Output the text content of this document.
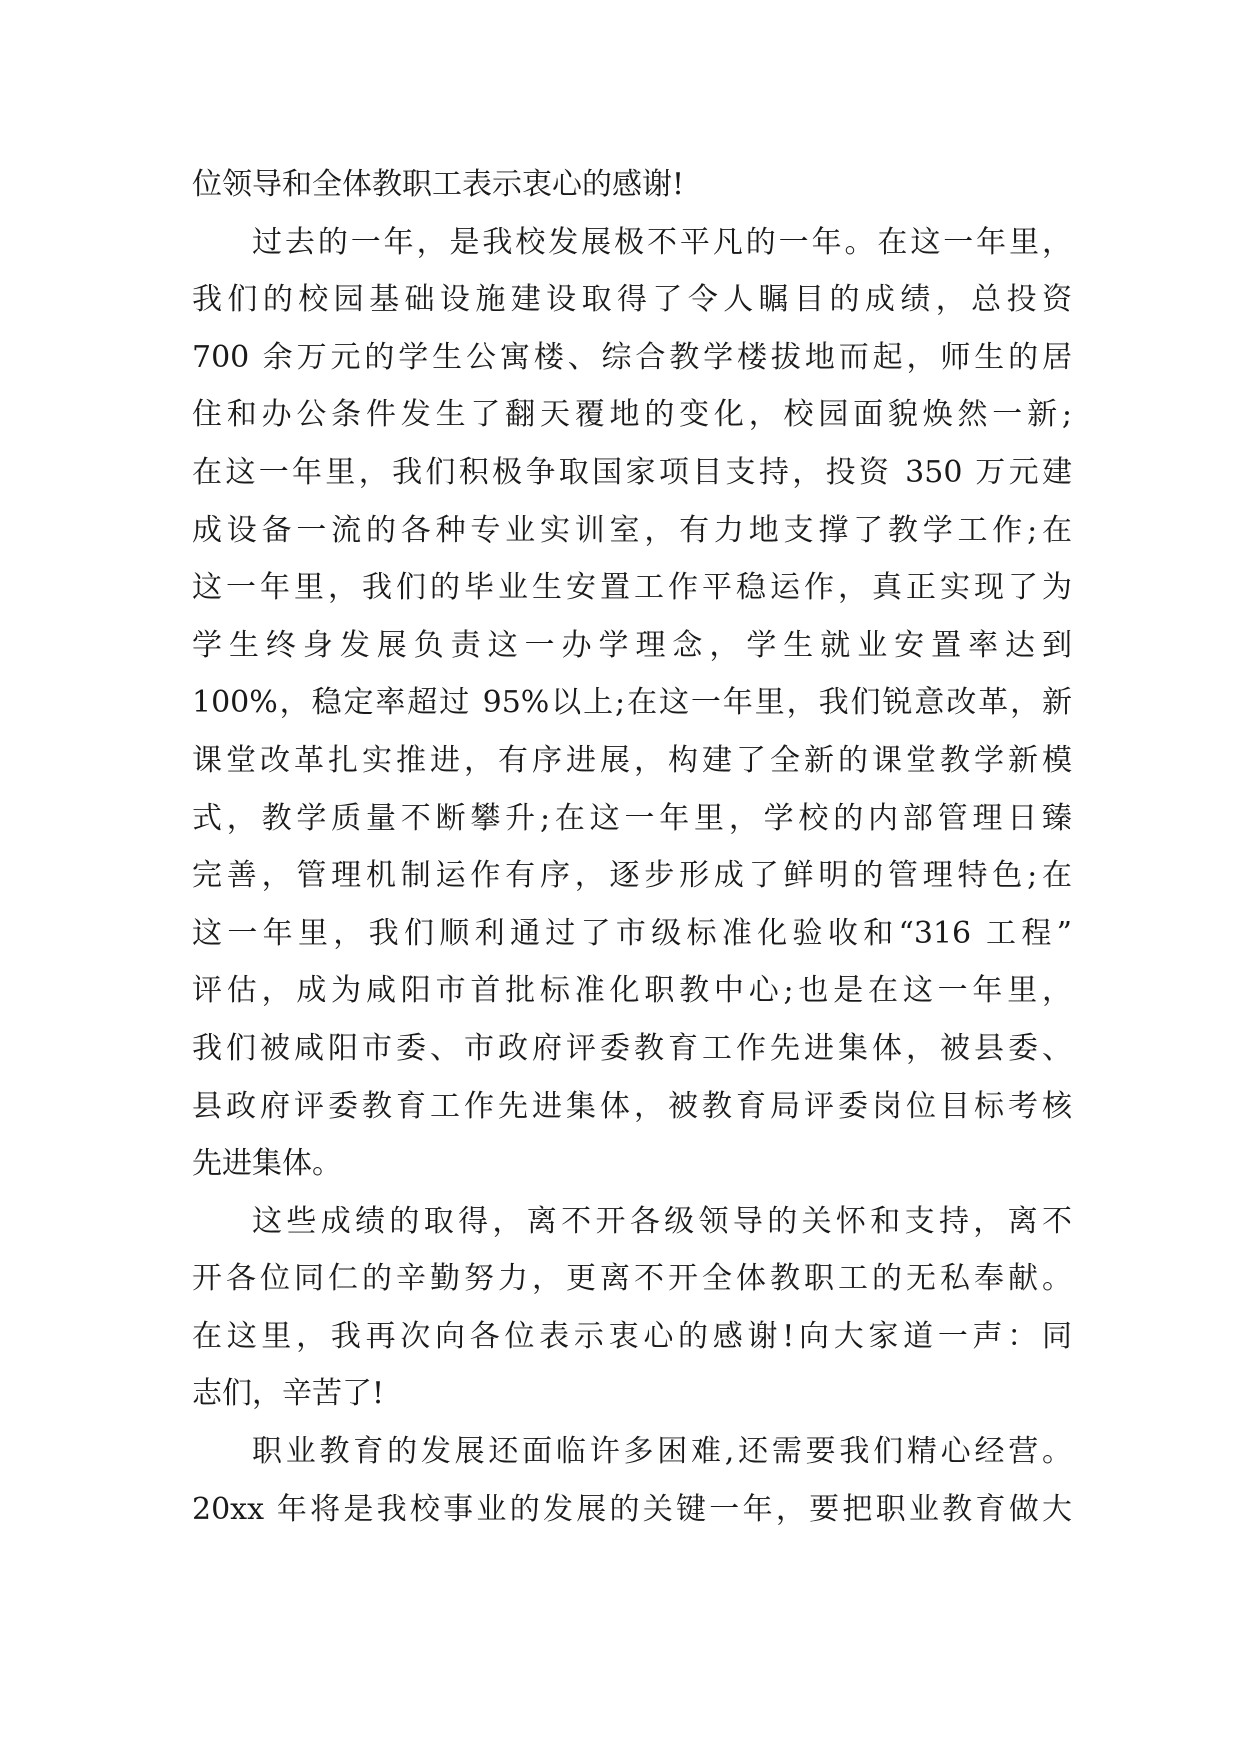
位领导和全体教职工表示衷心的感谢!
过去的一年，是我校发展极不平凡的一年。在这一年里，
我们的校园基础设施建设取得了令人瞩目的成绩，总投资
700 余万元的学生公寓楼、综合教学楼拔地而起，师生的居
住和办公条件发生了翻天覆地的变化，校园面貌焕然一新;
在这一年里，我们积极争取国家项目支持，投资 350 万元建
成设备一流的各种专业实训室，有力地支撑了教学工作;在
这一年里，我们的毕业生安置工作平稳运作，真正实现了为
学生终身发展负责这一办学理念，学生就业安置率达到
100%，稳定率超过 95%以上;在这一年里，我们锐意改革，新
课堂改革扎实推进，有序进展，构建了全新的课堂教学新模
式，教学质量不断攀升;在这一年里，学校的内部管理日臻
完善，管理机制运作有序，逐步形成了鲜明的管理特色;在
这一年里，我们顺利通过了市级标准化验收和“316 工程”
评估，成为咸阳市首批标准化职教中心;也是在这一年里，
我们被咸阳市委、市政府评委教育工作先进集体，被县委、
县政府评委教育工作先进集体，被教育局评委岗位目标考核
先进集体。
这些成绩的取得，离不开各级领导的关怀和支持，离不
开各位同仁的辛勤努力，更离不开全体教职工的无私奉献。
在这里，我再次向各位表示衷心的感谢!向大家道一声：同
志们，辛苦了!
职业教育的发展还面临许多困难,还需要我们精心经营。
20xx 年将是我校事业的发展的关键一年，要把职业教育做大
